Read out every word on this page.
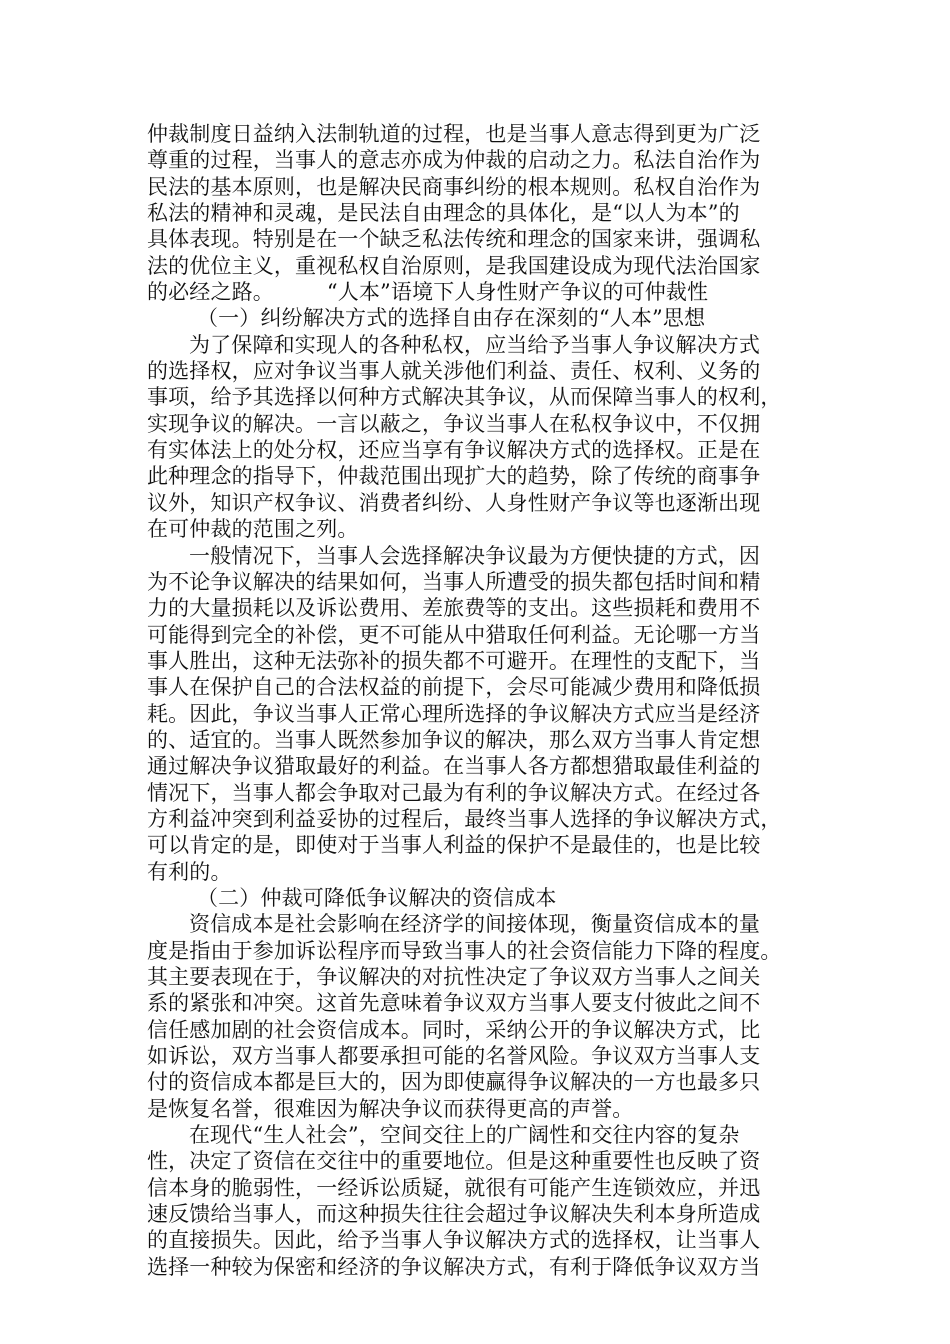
仲裁制度日益纳入法制轨道的过程，也是当事人意志得到更为广泛
尊重的过程，当事人的意志亦成为仲裁的启动之力。私法自治作为
民法的基本原则，也是解决民商事纠纷的根本规则。私权自治作为
私法的精神和灵魂，是民法自由理念的具体化，是“以人为本”的
具体表现。特别是在一个缺乏私法传统和理念的国家来讲，强调私
法的优位主义，重视私权自治原则，是我国建设成为现代法治国家
的必经之路。　　　“人本”语境下人身性财产争议的可仲裁性
（一）纠纷解决方式的选择自由存在深刻的“人本”思想
为了保障和实现人的各种私权，应当给予当事人争议解决方式
的选择权，应对争议当事人就关涉他们利益、责任、权利、义务的
事项，给予其选择以何种方式解决其争议，从而保障当事人的权利，
实现争议的解决。一言以蔽之，争议当事人在私权争议中，不仅拥
有实体法上的处分权，还应当享有争议解决方式的选择权。正是在
此种理念的指导下，仲裁范围出现扩大的趋势，除了传统的商事争
议外，知识产权争议、消费者纠纷、人身性财产争议等也逐渐出现
在可仲裁的范围之列。
一般情况下，当事人会选择解决争议最为方便快捷的方式，因
为不论争议解决的结果如何，当事人所遭受的损失都包括时间和精
力的大量损耗以及诉讼费用、差旅费等的支出。这些损耗和费用不
可能得到完全的补偿，更不可能从中猎取任何利益。无论哪一方当
事人胜出，这种无法弥补的损失都不可避开。在理性的支配下，当
事人在保护自己的合法权益的前提下，会尽可能减少费用和降低损
耗。因此，争议当事人正常心理所选择的争议解决方式应当是经济
的、适宜的。当事人既然参加争议的解决，那么双方当事人肯定想
通过解决争议猎取最好的利益。在当事人各方都想猎取最佳利益的
情况下，当事人都会争取对己最为有利的争议解决方式。在经过各
方利益冲突到利益妥协的过程后，最终当事人选择的争议解决方式，
可以肯定的是，即使对于当事人利益的保护不是最佳的，也是比较
有利的。
（二）仲裁可降低争议解决的资信成本
资信成本是社会影响在经济学的间接体现，衡量资信成本的量
度是指由于参加诉讼程序而导致当事人的社会资信能力下降的程度。
其主要表现在于，争议解决的对抗性决定了争议双方当事人之间关
系的紧张和冲突。这首先意味着争议双方当事人要支付彼此之间不
信任感加剧的社会资信成本。同时，采纳公开的争议解决方式，比
如诉讼，双方当事人都要承担可能的名誉风险。争议双方当事人支
付的资信成本都是巨大的，因为即使赢得争议解决的一方也最多只
是恢复名誉，很难因为解决争议而获得更高的声誉。
在现代“生人社会”，空间交往上的广阔性和交往内容的复杂
性，决定了资信在交往中的重要地位。但是这种重要性也反映了资
信本身的脆弱性，一经诉讼质疑，就很有可能产生连锁效应，并迅
速反馈给当事人，而这种损失往往会超过争议解决失利本身所造成
的直接损失。因此，给予当事人争议解决方式的选择权，让当事人
选择一种较为保密和经济的争议解决方式，有利于降低争议双方当
